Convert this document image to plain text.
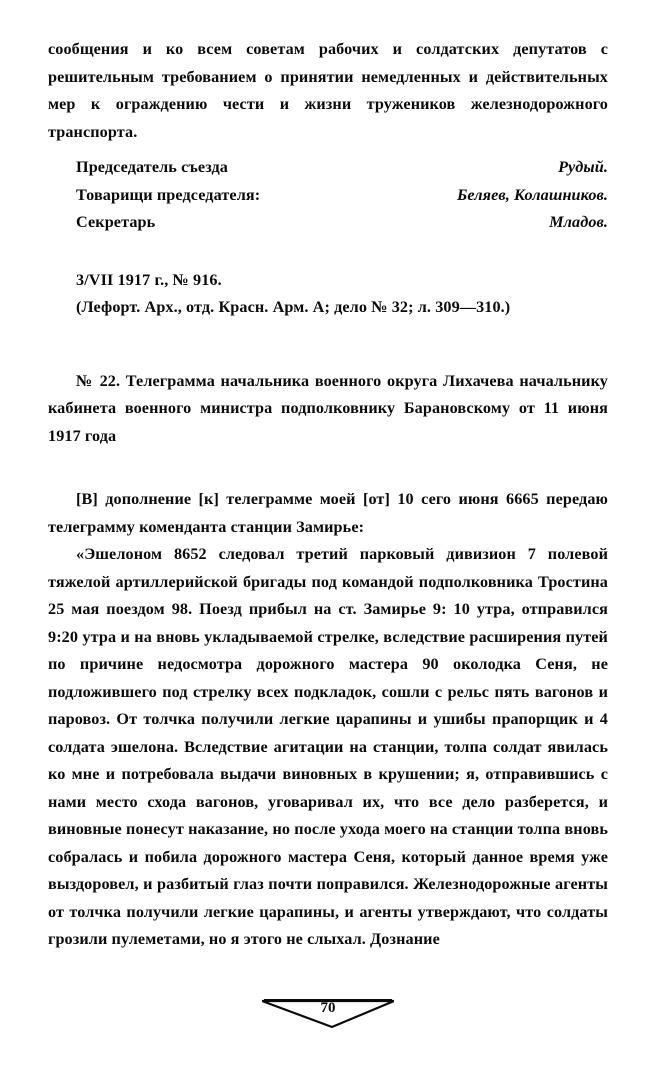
сообщения и ко всем советам рабочих и солдатских депутатов с решительным требованием о принятии немедленных и действительных мер к ограждению чести и жизни тружеников железнодорожного транспорта.

Председатель съезда	Рудый.
Товарищи председателя:	Беляев, Колашников.
Секретарь	Младов.
3/VII 1917 г., № 916.
(Лефорт. Арх., отд. Красн. Арм. А; дело № 32; л. 309—310.)

№ 22. Телеграмма начальника военного округа Лихачева начальнику кабинета военного министра подполковнику Барановскому от 11 июня 1917 года

[В] дополнение [к] телеграмме моей [от] 10 сего июня 6665 передаю телеграмму коменданта станции Замирье:

«Эшелоном 8652 следовал третий парковый дивизион 7 полевой тяжелой артиллерийской бригады под командой подполковника Тростина 25 мая поездом 98. Поезд прибыл на ст. Замирье 9: 10 утра, отправился 9:20 утра и на вновь укладываемой стрелке, вследствие расширения путей по причине недосмотра дорожного мастера 90 околодка Сеня, не подложившего под стрелку всех подкладок, сошли с рельс пять вагонов и паровоз. От толчка получили легкие царапины и ушибы прапорщик и 4 солдата эшелона. Вследствие агитации на станции, толпа солдат явилась ко мне и потребовала выдачи виновных в крушении; я, отправившись с нами место схода вагонов, уговаривал их, что все дело разберется, и виновные понесут наказание, но после ухода моего на станции толпа вновь собралась и побила дорожного мастера Сеня, который данное время уже выздоровел, и разбитый глаз почти поправился. Железнодорожные агенты от толчка получили легкие царапины, и агенты утверждают, что солдаты грозили пулеметами, но я этого не слыхал. Дознание

70
